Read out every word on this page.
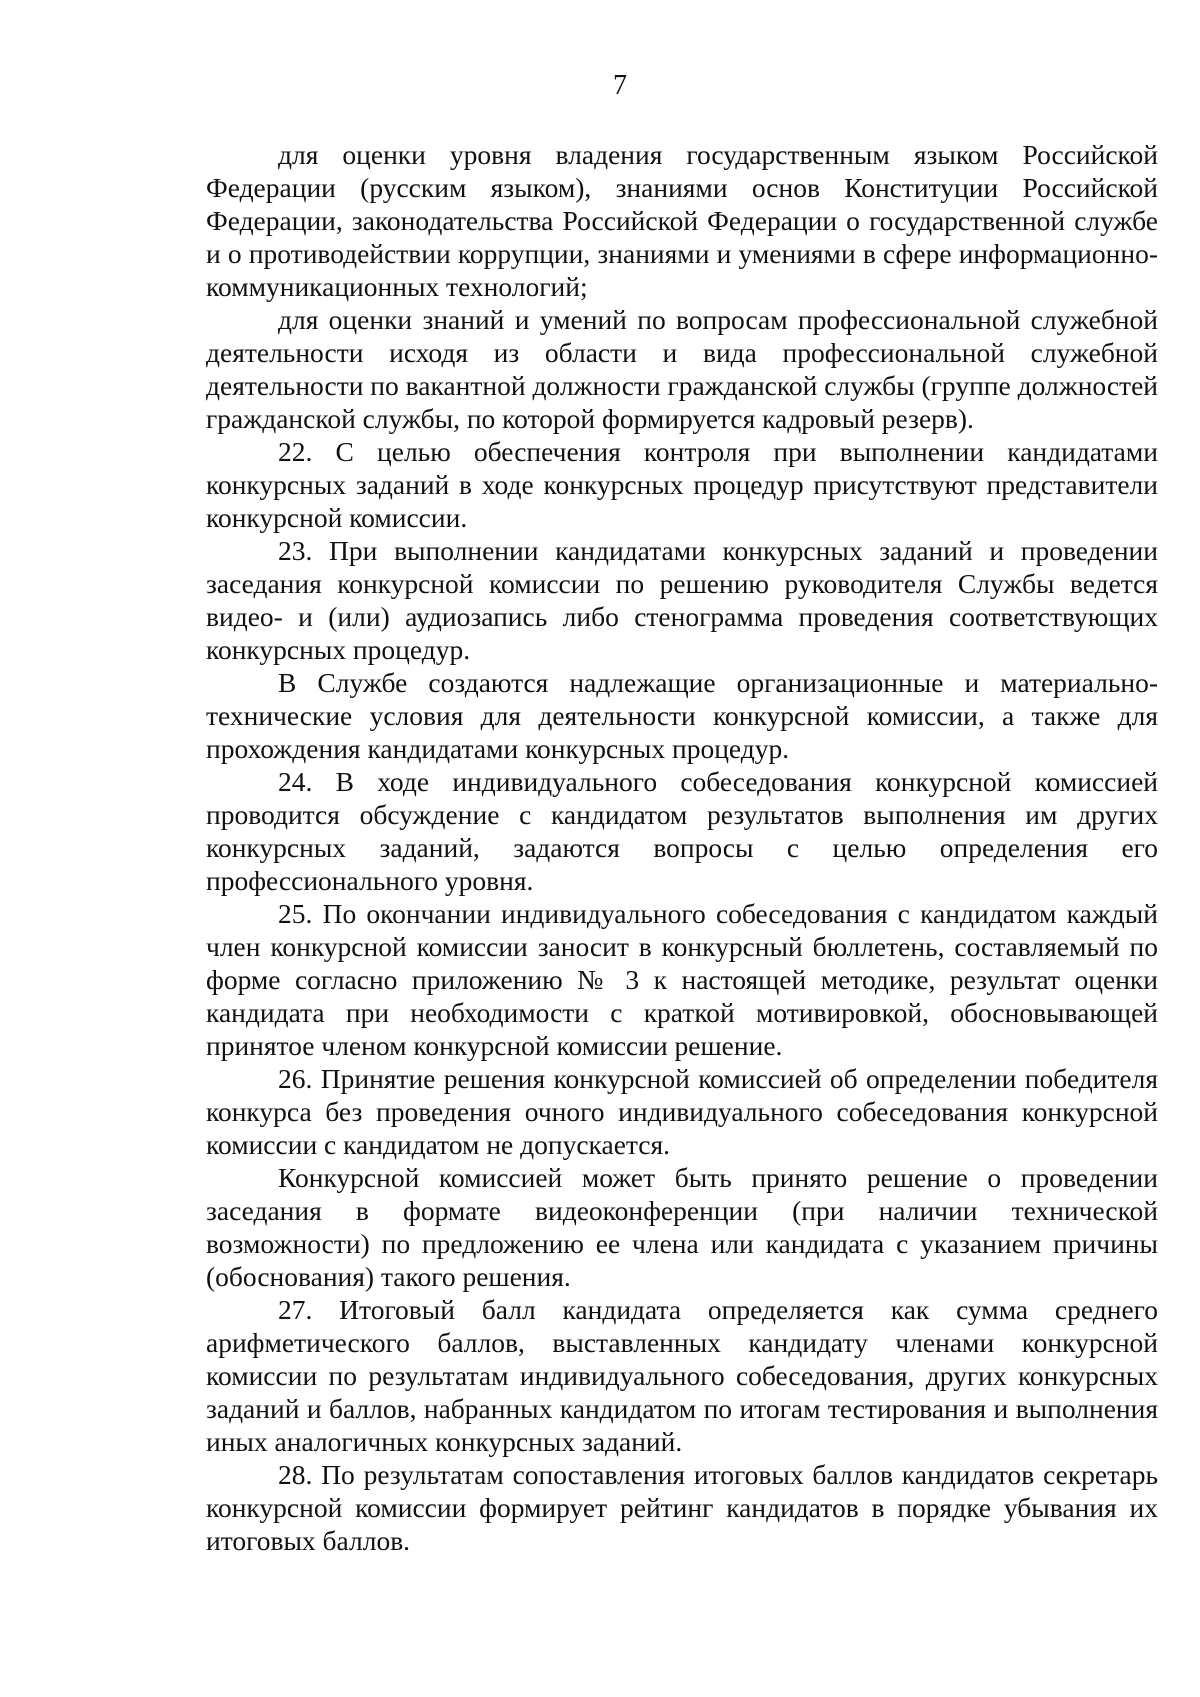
7

для оценки уровня владения государственным языком Российской Федерации (русским языком), знаниями основ Конституции Российской Федерации, законодательства Российской Федерации о государственной службе и о противодействии коррупции, знаниями и умениями в сфере информационно-коммуникационных технологий;

для оценки знаний и умений по вопросам профессиональной служебной деятельности исходя из области и вида профессиональной служебной деятельности по вакантной должности гражданской службы (группе должностей гражданской службы, по которой формируется кадровый резерв).

22. С целью обеспечения контроля при выполнении кандидатами конкурсных заданий в ходе конкурсных процедур присутствуют представители конкурсной комиссии.

23. При выполнении кандидатами конкурсных заданий и проведении заседания конкурсной комиссии по решению руководителя Службы ведется видео- и (или) аудиозапись либо стенограмма проведения соответствующих конкурсных процедур.

В Службе создаются надлежащие организационные и материально-технические условия для деятельности конкурсной комиссии, а также для прохождения кандидатами конкурсных процедур.

24. В ходе индивидуального собеседования конкурсной комиссией проводится обсуждение с кандидатом результатов выполнения им других конкурсных заданий, задаются вопросы с целью определения его профессионального уровня.

25. По окончании индивидуального собеседования с кандидатом каждый член конкурсной комиссии заносит в конкурсный бюллетень, составляемый по форме согласно приложению № 3 к настоящей методике, результат оценки кандидата при необходимости с краткой мотивировкой, обосновывающей принятое членом конкурсной комиссии решение.

26. Принятие решения конкурсной комиссией об определении победителя конкурса без проведения очного индивидуального собеседования конкурсной комиссии с кандидатом не допускается.

Конкурсной комиссией может быть принято решение о проведении заседания в формате видеоконференции (при наличии технической возможности) по предложению ее члена или кандидата с указанием причины (обоснования) такого решения.

27. Итоговый балл кандидата определяется как сумма среднего арифметического баллов, выставленных кандидату членами конкурсной комиссии по результатам индивидуального собеседования, других конкурсных заданий и баллов, набранных кандидатом по итогам тестирования и выполнения иных аналогичных конкурсных заданий.

28. По результатам сопоставления итоговых баллов кандидатов секретарь конкурсной комиссии формирует рейтинг кандидатов в порядке убывания их итоговых баллов.
